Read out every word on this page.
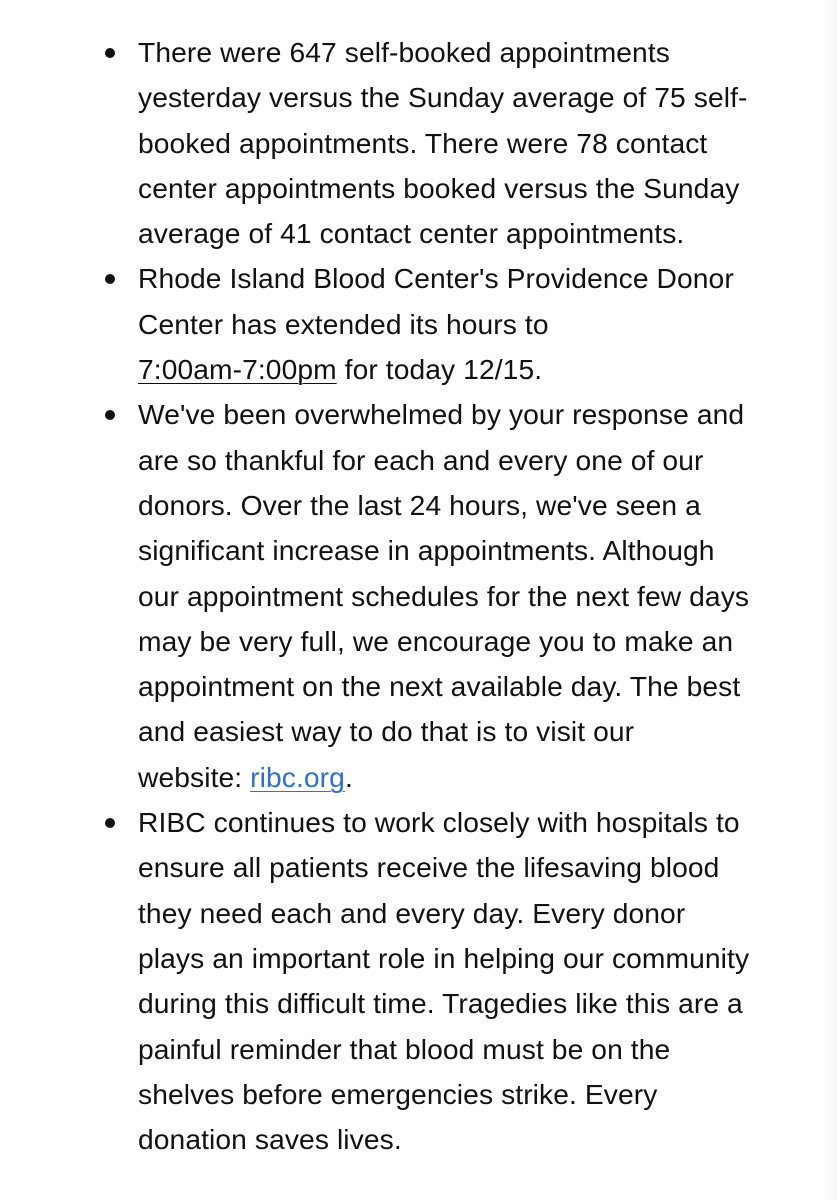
There were 647 self-booked appointments
yesterday versus the Sunday average of 75 self-
booked appointments. There were 78 contact
center appointments booked versus the Sunday
average of 41 contact center appointments.
Rhode Island Blood Center's Providence Donor
Center has extended its hours to
7:00am-7:00pm for today 12/15.
We've been overwhelmed by your response and
are so thankful for each and every one of our
donors. Over the last 24 hours, we've seen a
significant increase in appointments. Although
our appointment schedules for the next few days
may be very full, we encourage you to make an
appointment on the next available day. The best
and easiest way to do that is to visit our
website: ribc.org.
RIBC continues to work closely with hospitals to
ensure all patients receive the lifesaving blood
they need each and every day. Every donor
plays an important role in helping our community
during this difficult time. Tragedies like this are a
painful reminder that blood must be on the
shelves before emergencies strike. Every
donation saves lives.
